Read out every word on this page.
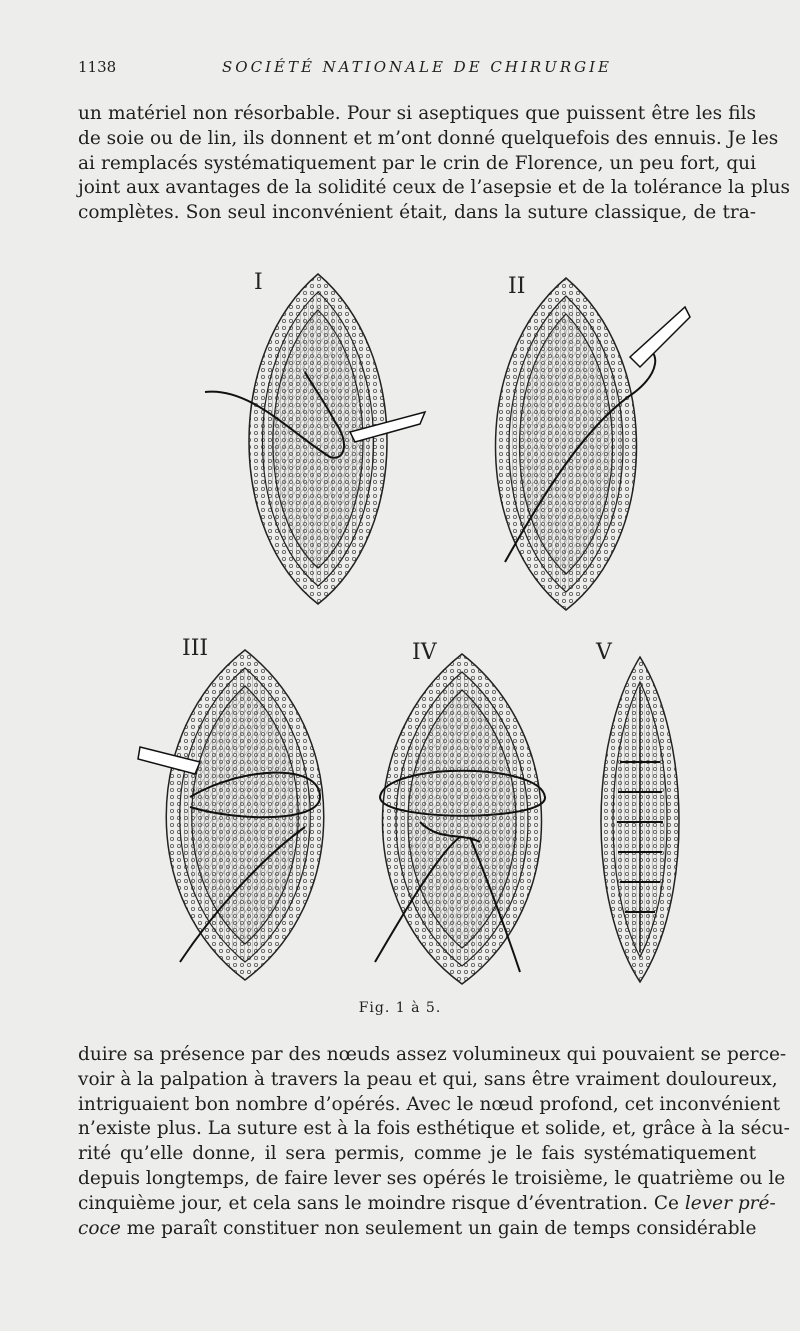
1138	SOCIÉTÉ NATIONALE DE CHIRURGIE
un matériel non résorbable. Pour si aseptiques que puissent être les fils
de soie ou de lin, ils donnent et m’ont donné quelquefois des ennuis. Je les
ai remplacés systématiquement par le crin de Florence, un peu fort, qui
joint aux avantages de la solidité ceux de l’asepsie et de la tolérance la plus
complètes. Son seul inconvénient était, dans la suture classique, de tra-
I	II
III	IV	V
Fig. 1 à 5.
duire sa présence par des nœuds assez volumineux qui pouvaient se perce-
voir à la palpation à travers la peau et qui, sans être vraiment douloureux,
intriguaient bon nombre d’opérés. Avec le nœud profond, cet inconvénient
n’existe plus. La suture est à la fois esthétique et solide, et, grâce à la sécu-
rité qu’elle donne, il sera permis, comme je le fais systématiquement
depuis longtemps, de faire lever ses opérés le troisième, le quatrième ou le
cinquième jour, et cela sans le moindre risque d’éventration. Ce lever pré-
coce me paraît constituer non seulement un gain de temps considérable
